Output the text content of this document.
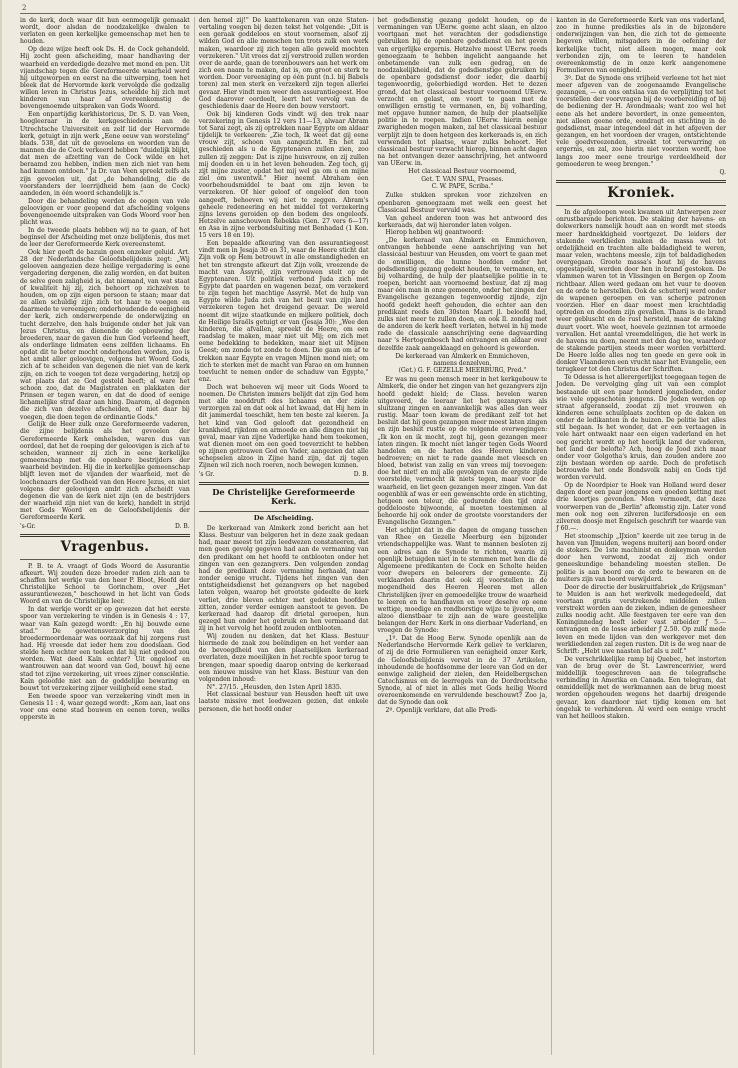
2

in de kerk, doch waar dit hun eenmogelijk gemaakt wordt, door alsdan de noodzakelijke dwalen te verlaten en geen kerkelijke gemeenschap met hen te houden.

Op deze wijze heeft ook Ds. H. de Cock gehandeld. Hij zocht geen afscheiding, maar handhaving der waarheid en verdedigde dezelve met mond en pen. Uit vijandschap tegen die Gereformeerde waarheid werd hij uitgeworpen en eerst na die uitwerping, toen het bleek dat de Hervormde kerk vervolgde die godzalig willen leven in Christus Jezus, scheidde hij zich met kinderen van haar af overeenkomstig de bovengenoemde uitspraken van Gods Woord.

Een onpartijdig kerkhistoricus, Dr. S. D. van Veen, hoogleeraar in de kerkgeschiedenis aan de Utrechtsche Universiteit en zelf lid der Hervormde kerk, getuigt in zijn werk „Eene eeuw van worsteling" blads. 538, dat uit de gevoelens en woorden van de mannen die de Cock verkeerd hebben "duidelijk blijkt, dat men de afzetting van de Cock wilde en het beraamd zou hebben, indien men zich niet van hem had kunnen ontdoen." Ja Dr. van Veen spreekt zelfs als zijn gevoelen uit, dat „de behandeling, die de voorstanders der leerrijdheid hem (aan de Cock) aandeden, in één woord schandelijk is."

Door die behandeling werden de oogen van vele geloovigen er voor geopend dat afscheiding volgens bovengenoemde uitspraken van Gods Woord voor hen plicht was.

In de tweede plaats hebben wij na te gaan, of het beginsel der Afscheiding met onze belijdenis, dus met de leer der Gereformeerde Kerk overeenstemt.

Ook hier geeft de bazuin geen onzeker geluid. Art. 28 der Nederlandsche Geloofsbelijdenis zegt: „Wij gelooven aangezien deze heilige vergadering is eene vergadering dergenen, die zalig worden, en dat buiten de selve geen zaligheid is, dat niemand, van wat staat of kwaliteit hij zij, zich behoort op zichzelven te houden, om op zijn eigen persoon te staan; maar dat ze allen schuldig zijn zich tot haar te voegen en daarmede te vereenigen; onderhoudende de eenigheid der kerk, zich onderwerpende de onderwijzing en tucht derzelve, den hals buigende onder het juk van Jezus Christus, en dienende de opbouwing der broederen, naar de gaven die hun God verleend heeft, als onderlinge lidmaten eens zelfden lichaams. En opdat dit te beter mocht onderhouden worden, zoo is het ambt aller geloovigen, volgens het Woord Gods, zich af te scheiden van degenen die niet van de kerk zijn, en zich te voegen tot deze vergadering, hetzij op wat plaats dat ze God gesteld heeft; al ware het schoon zoo, dat de Magistraten en plakkaten der Prinsen er tegen waren, en dat de dood of eenige lichamelijke straf daar aan hing. Daarom, al degenen die zich van dezelve afscheiden, of niet daar bij voegen, die doen tegen de ordinantie Gods."

Gelijk de Heer zulk onze Gereformeerde vaderen, die zijne belijdenis als het gevoelen der Gereformeerde Kerk omhelsden, waren dus van oordeel, dat het de roeping der geloovigen is zich af te scheiden, wanneer zij zich in eene kerkelijke gemeenschap met de openbare bestrijders der waarheid bevinden. Hij die in kerkelijke gemeenschap blijft leven met de vijanden der waarheid, met de loochenaars der Godheid van den Heere Jezus, en niet volgens der geloovigen ambt zich afscheidt van degenen die van de kerk niet zijn (en de bestrijders der waarheid zijn niet van de kerk), handelt in strijd met Gods Woord en de Geloofsbelijdenis der Gereformeerde Kerk.

's-Gr.	D. B.
Vragenbus.

P. B. te A. vraagt of Gods Woord de Assurantie afkeurt. Wij zouden deze broeder raden zich aan te schaffen het werkje van den heer P. Bloot, Hoofd der Christelijke School te Gorinchem, over „Het assurantiewezen," beschouwd in het licht van Gods Woord en van de Christelijke leer.

In dat werkje wordt er op gewezen dat het eerste spoor van verzekering te vinden is in Genesis 4 : 17, waar van Kaïn gezegd wordt: „En hij bouwde eene stad." De gewetensverzorging van den broedermoordenaar was oorzaak dat hij zorgens rust had. Hij vreesde dat ieder hem zou doodslaan. God stelde hem echter een teeken dat hij niet gedood zou worden. Wat deed Kaïn echter? Uit ongeloof en wantrouwen aan dat woord van God, bouwt hij eene stad tot zijne verzekering, uit vrees zijner consciëntie. Kaïn geloofde niet aan de goddelijke bewaring en bouwt tot verzekering zijner veiligheid eene stad.

Een tweede spoor van verzekering vindt men in Genesis 11 : 4, waar gezegd wordt: „Kom aan, laat ons voor ons eene stad bouwen en eenen toren, welks opperste in

den hemel zij!" De kanttekenaren van onze Staten-vertaling voegen bij dezen tekst het volgende: „Dit is een geraak goddeloos en stout voornemen, alsof zij wilden God en alle menschen ten trots zulk een werk maken, waardoor zij zich tegen alle geweld mochten verzekeren." Uit vrees dat zij verstrooid zullen worden over de aarde, gaan de torenbouwers aan het werk om zich een naam te maken, dat is, om groot en sterk te worden. Door vereeniging op één punt (n.l. bij Babels toren) zal men sterk en verzekerd zijn tegen allerlei gevaar. Hier vindt men weer den assurantiegeest. Hoe God daarover oordeelt, leert het vervolg van de geschiedenis daar de Heere den bouw verstoort.

Ook bij kinderen Gods vindt wij den trek naar verzekering in Genesis 12 vers 11—13, alwaar Abram tot Sarai zegt, als zij optrekken naar Egypte om aldaar tijdelijk te verkeeren: „Zie toch, Ik weet dat gij eene vrouw zijt, schoon van aangezicht. En het zal geschieden als u de Egyptenaren zullen zien, zoo zullen zij zeggen: Dat is zijne huisvrouw, en zij zullen mij dooden en u in het leven behouden. Zeg toch, gij zijt mijne zuster, opdat het mij wel ga om u en mijne ziel om uwentwil." Hier neemt Abraham een voorbehoudsmiddel te baat om zijn leven te verzekeren. Of hier geloof of ongeloof den toon aangeeft, behoeven wij niet te zeggen. Abram's geheele redeneering en het middel tot verzekering zijns levens geroiden op den bodem des ongeloofs. Hetzelve aanschouwen Rebekka (Gen. 27 vers 6—17) en Asa in zijne verbondsluiting met Benhadad (1 Kon. 15 vers 18 en 19).

Een bepaalde afkeuring van den assurantiegeest vindt men in Jesaja 30 en 31, waar de Heere sticht dat Zijn volk op Hem betrouwt in alle omstandigheden en het ten strengste afkeurt dat Zijn volk, vreezende de macht van Assyrië, zijn vertrouwen stelt op de Egyptenaren. Uit politiek verbond Juda zich met Egypte dat paarden en wagenen bezat, om verzekerd te zijn tegen het machtige Assyrië. Met de hulp van Egypte wilde Juda zich van het bezit van zijn land verzekeren tegen het dreigend gevaar. De wereld noemt dit wijze staatkunde en mijkere politiek, doch de Heilige Israëls getuigt er van (Jesaja 30): „Wee den kinderen, die afvallen, spreekt de Heere, om een raadslag te maken, maar niet uit Mij; om zich met eene bedekking te bedekken, maar niet uit Mijnen Geest; om zonde tot zonde te doen. Die gaan om af te trekken naar Egypte en vragen Mijnen mond niet; om zich te sterken met de macht van Farao en om hunnen toevlucht te nemen onder de schaduw van Egypte," enz.

Doch wat behoeven wij meer uit Gods Woord te noemen. De Christen immers belijdt dat zijn God hem met alle nooddruft des lichaams en der ziele verzorgen zal en dat ook al het kwaad, dat Hij hem in dit jammerdal toeschikt, hem ten beste zal keeren. Ja het kind van God gelooft dat gezondheid en krankheid, rijkdom en armoede en alle dingen niet bij geval, maar van zijne Vaderlijke hand hem toekomen, wat dienen moet om een goed toeverzicht te hebben op zijnen getrouwen God en Vader, aangezien dat alle schepselen alzoo in Zijne hand zijn, dat zij tegen Zijnen wil zich noch roeren, noch bewegen kunnen.

's Gr.	D. B.
De Christelijke Gereformeerde Kerk.
De Afscheiding.

De kerkeraad van Almkerk zond bericht aan het Klass. Bestuur van belgeren het in deze zaak gedaan had, maar meest tot zijn leedwezen constateeren, dat men geen gevolg gegeven had aan de vermaning van den predikant om het hoofd te ontblooten onder het zingen van een gezangvers. Den volgenden zondag had de predikant deze vermaning herhaald, maar zonder eenige vrucht. Tijdens het zingen van den ontstigheidsdienst het gezangvers op het nagebed laten volgen, waarop het grootste gedeelte de kerk verliet, drie bleven echter met gedekten hoofden zitten, zonder verder eenigen aanstoot te geven. De kerkeraad had daarop dit drietal geroepen, hun gezegd hun onder het gebruik en hen vermaand dat zij in het vervolg het hoofd zouden ontblooten.

Wij zouden nu denken, dat het Klass. Bestuur hiermede de zaak zou beëindigen en het verder aan de bevoegdheid van den plaatselijken kerkeraad overlaten, deze moeilijken in het rechte spoor terug te brengen, maar spoedig daarop ontving de kerkeraad een nieuwe missive van het Klass. Bestuur van den volgenden inhoud:

N°. 27/15. „Heusden, den 1sten April 1835.

Het classicaal bestuur van Heusden heeft uit uwe laatste missive met leedwezen gezien, dat enkele personen, die het hoofd onder

het godsdienstig gezang gedekt houden, op de vermaningen van UEerw. geene acht slaan, en alzoo voortgaan met het verachten der godsdienstige gebruiken bij de openbare godsdienst en het geven van ergerlijke ergernis. Hetzelve moest UEerw. reeds genoegzaam te hebben ingelicht aangaande het onbetamende van zulk een gedrag, en de noodzakelijkheid, dat de godsdienstige gebruiken bij de openbare godsdienst door ieder, die daarbij tegenwoordig, geëerbiedigd worden. Het te dezen grond, dat het classicaal bestuur voornoemd UEerw. verzocht en gelast, om voort te gaan met de onwilligen ernstig te vermanen, en, bij volharding, met opgave hunner namen, de hulp der plaatselijke politie in te roepen. Indien UEerw. hierin eenige zwarigheden mogen maken, zal het classicaal bestuur verplijt zijn te doen hetgeen des kerkeraads is, en zich verwenden tot plaatse, waar zulks behoort. Het classicaal bestuur verwacht hierop, binnen acht dagen na het ontvangen dezer aanschrijving, het antwoord van UEerw. in.

Het classicaal Bestuur voornoemd,

Get. T. VAN SPAL, Praeses.
C. W. PAPE, Scriba."

Zulke stukken spreken voor zichzelven en openbaren genoegzaam met welk een geest het Classicaal Bestuur vervuld was.

Van geheel anderen toon was het antwoord des kerkeraads, dat wij hieronder laten volgen.

Hierop hebben wij geantwoord:

„De kerkeraad van Almkerk en Emmichoven, ontvangen hebbende eene aanschrijving van het classicaal bestuur van Heusden, om voort te gaan met de onwilligen, die hunne hoofden onder het godsdienstig gezang gedekt houden, te vermanen, en, bij volharding, de hulp der plaatselijke politie in te roepen, bericht aan voornoemd bestuur, dat zij mag maar één man in onze gemeente, onder het zingen der Evangelische gezangen tegenwoordig zijnde, zijn hoofd gedekt heeft gehouden, die echter aan den predikant reeds den 30sten Maart jl. beloofd had, zulks niet meer te zullen doen, en ook ll. zondag met de anderen de kerk heeft verlaten, hetwel in hij mede rade de classicale aanschrijving eene dagvaarding naar 's Hertogenbosch had ontvangen en aldaar over dezelfde zaak aangeklaagd en gehoord is geworden.

De kerkeraad van Almkerk en Emmichoven,
namens denzelven,
(Get.) G. F. GEZELLE MEERBURG, Pred."

Er was nu geen mensch meer in het kerkgebouw te Almkerk, die onder het zingen van het gezangvers zijn hoofd gedekt hield; de Class. bevelen waren uitgevoerd, de leeraar liet het gezangvers als sluitzang zingen en aanvankelijk was alles dan weer rustig. Maar toen kwam de predikant zelf tot het besluit dat hij geen gezangen meer moest laten zingen en zijn besluit rustte op de volgende overwegingen: „Ik kon en ik mocht, zegt hij, geen gezangen meer laten zingen. Ik mocht niet langer tegen Gods Woord handelen en de harten des Heeren kinderen bedroeven; en niet te rade gaande met vleesch en bloed, betwist van zalig en van vrees mij toevoegen: doe het niet! en mij alle gevolgen van de ergste zijde voorstelde, vermocht ik niets tegen, maar voor de waarheid, en liet geen gezangen meer zingen. Van dat oogenblik af was er een gewenschte orde en stichting, hetgeen een teleur, die gedurende den tijd onze goddelooste bijwoonde, al moeten toestemmen al behoorde hij ook onder de grootste voorstanders der Evangelische Gezangen."

Het schijnt dat in die dagen de omgang tusschen van Rhee en Gezelle Meerburg een bijzonder vriendschappelijke was. Want te mannen besloten zij een adres aan de Synode te richten, waarin zij openlijk betuigden niet in te stemmen met hen die de Algemeene predikanten de Cock en Scholte heiden voor dwepers en beleerers der gemeente. Zij verklaarden daarin dat ook zij voorstellen in de mogendheid des Heeren Heeren met allen Christelijken ijver en gemoedelijke trouw de waarheid te leeren en te handhaven en voor deselve op eene wettige, moedige en rondborstige wijze te ijveren, om alzoo dienstbaar te zijn aan de ware geestelijke belangen der Herv. Kerk in ons dierbaar Vaderland, en vroegen de Synode:

„1º. Dat de Hoog Eerw. Synode openlijk aan de Nederlandsche Hervormde Kerk geliev te verklaren, of zij de drie Formulieren van eenigheid onzer Kerk, de Geloofsbelijdenis vervat in de 37 Artikelen, inhoudende de hoofdsomme der leere van God en der eenwige zaligheid der zielen, den Heidelbergschen Catechismus en de leerregels van de Dordrechtsche Synode, al of niet in alles met Gods heilig Woord overeenkomende en vervuldende beschouwt? Zoo ja, dat de Synode dan ook

2º. Openlijk verklare, dat alle Predi-

kanten in de Gereformeerde Kerk van ons vaderland, zoo in hunne prediksties als in de bijzondere onderwijzingen van hen, die zich tot de gemeente begeven willen, mitsgaders in de oefening der kerkelijke tucht, niet alleen mogen, maar ook verbonden zijn, om te leeren te handelen overeenkomstig de in onze kerk aangenomene Formulieren van eenigheid.

3º. Dat de Synode ons vrijheid verleene tot het niet meer afgeven van de zoogenaamde Evangelische gezangen, — en ons ontslaa van de verplijting tot het voorstellen der voorvragen bij de voorbereiding of bij de bediening der H. Avondmaals; want zoo wel het eene als het andere bevordert, in onze gemeenten, niet alleen geene orde, eendragt en stichting in de godsdienst, maar integendeel dat in het afgeven der gezangen, en het voordoen der vragen, ontstichtende vele goedvreezenden, streekt tot verwarring en ergernis, en zal, zoo hierin niet voorzien wordt, hoe langs zoo meer eene treurige verdeeldheid der gemoederen te weeg brengen."

Q.
Kroniek.

In de afgeloopen week kwamen uit Antwerpen zeer onrustbarende berichten. De staking der havens- en dokwerkers namelijk houdt aan en wordt met steeds meer hardnekkigheid voortgezet. De leiders der stakende werklieden maken de massa wel tot ordelijkheid en trachten alle baldadigheid te weren, maar velen, wachtens meesle, zijn tot baldadigheden overgegaan. Groote massa's hout bij de havens opgestapeld, werden door hen in brand gestoken. De vlammen waren tot in Vlissingen en Bergen op Zoom richtbaar. Allen werd gedaan om het vuur te dooven en de orde te herstellen. Ook de schutterij werd onder de wapenen geroepen en van scherpe patronen voorzien. Hier en daar moest men krachtdadig optreden en doodem zijn gevallen. Thans is de brand weer gebluscht en de rust hersteld, maar de staking duurt voort. Wie weet, hoevele gezinnen tot armoede vervallen. Het aantal vreemdelingen, die het werk in de havens nu doen, neemt met den dag toe, waardoor de stakende partijen steeds meer worden verbitterd. De Heere lelde alles nog ten goede en geve ook in donker Vlaanderen een vrucht naar het Evangelie, een terugkeer tot den Christus der Schriften.

Te Odessa is het allerergerlijkst toegegaan tegen de Joden. De vervolging ging uit van een complot bestaande uit een paar honderd jongelieden, onder wie vele opgeschoten jongens. De Joden werden op straat afgeranseld, zoodat zij met vrouwen en kinderen eene schuilplaats zochten op de daken en onder de ledikanten in de huizen. De politie liet alles stil begaan. Is het wonder, dat er een vertaagen in vele hart ontwaakt naar een eigen vaderland en het oog gericht wordt op het heerlijk land der vaderen, het land der belofte? Ach, hoog de Jood zich maar onder voor Golgotha's kruis, dan zouden andere zoo zijn bestaan worden op aarde. Doch de profetisch betrouwde het onde Bondsvolk nabij en Gods tijd worden vervuld.

Op de Noordpier te Hoek van Holland werd deser dagen door een paar jongens een goeden ketting met drie koortjes gevonden. Men vermoedt, dat deze voorwerpen van de „Berlin" afkomstig zijn. Later vond men ook nog een zilveren lucifersdoosje en een zilveren doosje met Engelsch geschrift ter waarde van ƒ 60.—.

Het stoomschip „IJxion" keerde uit zee terug in de haven van IJmuiden, wegens muiterij aan boord onder de stokers. De 1ste machinist en donkeyman werden door hen verwond, zoodat zij zich onder geneeskundige behandeling moesten stellen. De politie is aan boord om de orde te bewaren en de muiters zijn van boord verwijderd.

Door de directie der buskruitfabriek „de Krijgsman" te Muiden is aan het werkvolk medegedeeld, dat voortaan gratis verstrekende middelen zullen verstrekt worden aan de zieken, indien de geneesheer zulks noodig acht. Alle feestgaven ter eere van den Koninginnedag heeft ieder vast arbeider ƒ 5.— ontvangen en de losse arbeider ƒ 2.50. Op zulk mede leven en mede lijden van den werkgever met den werkliedenden zal zegen rusten. Dit is de weg naar de Schrift: „Hebt uwe naasten lief als u zelf."

De verschrikkelijke ramp bij Quebec, het instorten van de brug over de St. Lawrencerivier, werd middellijk toegeschreven aan de telegrafische verbinding in Amerika en Canada. Een telegram, dat onmiddellijk met de werkmannen aan de brug moest worden opgehouden wegens het daarbij dreigende gevaar, kon daardoor niet tijdig komen om het ongeluk te verhinderen. Al werd een eenige vrucht van het heilloos staken.
